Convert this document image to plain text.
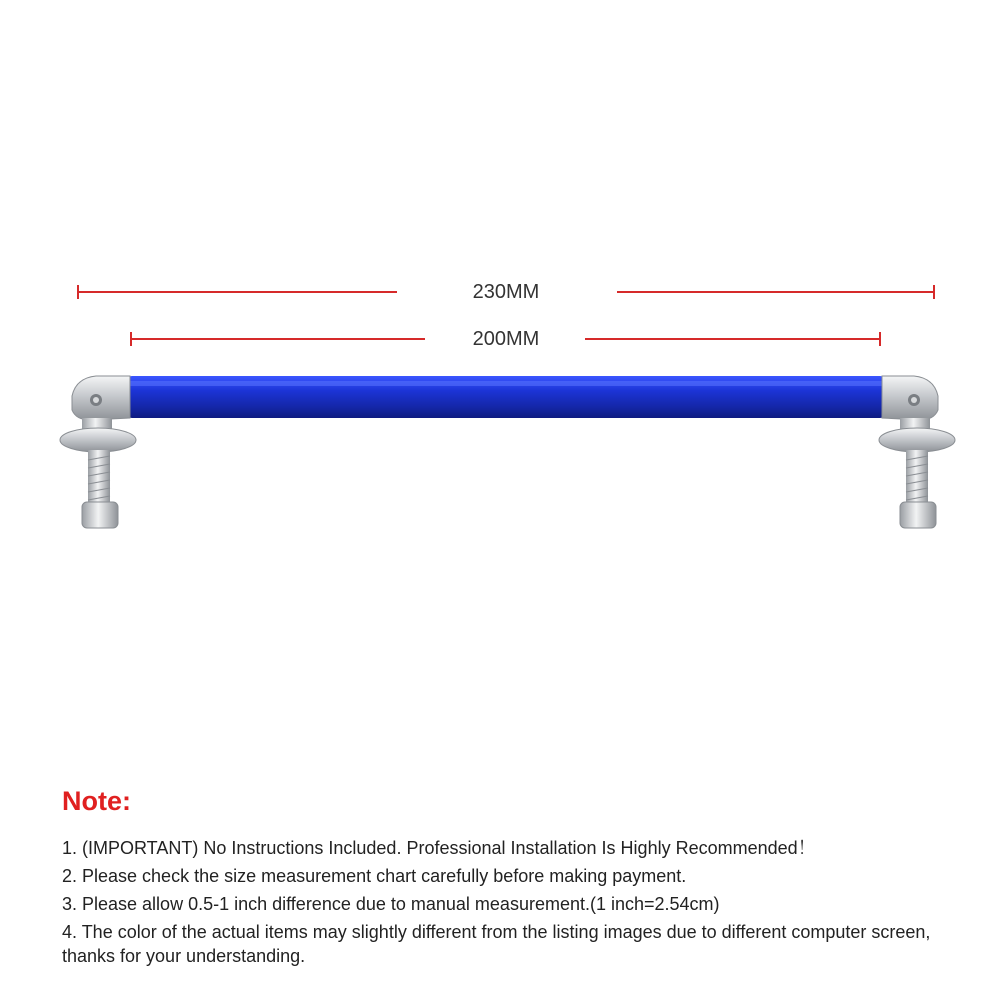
230MM
200MM
Note:
1. (IMPORTANT) No Instructions Included. Professional Installation Is Highly Recommended！
2. Please check the size measurement chart carefully before making payment.
3. Please allow 0.5-1 inch difference due to manual measurement.(1 inch=2.54cm)
4. The color of the actual items may slightly different from the listing images due to different computer screen, thanks for your understanding.
